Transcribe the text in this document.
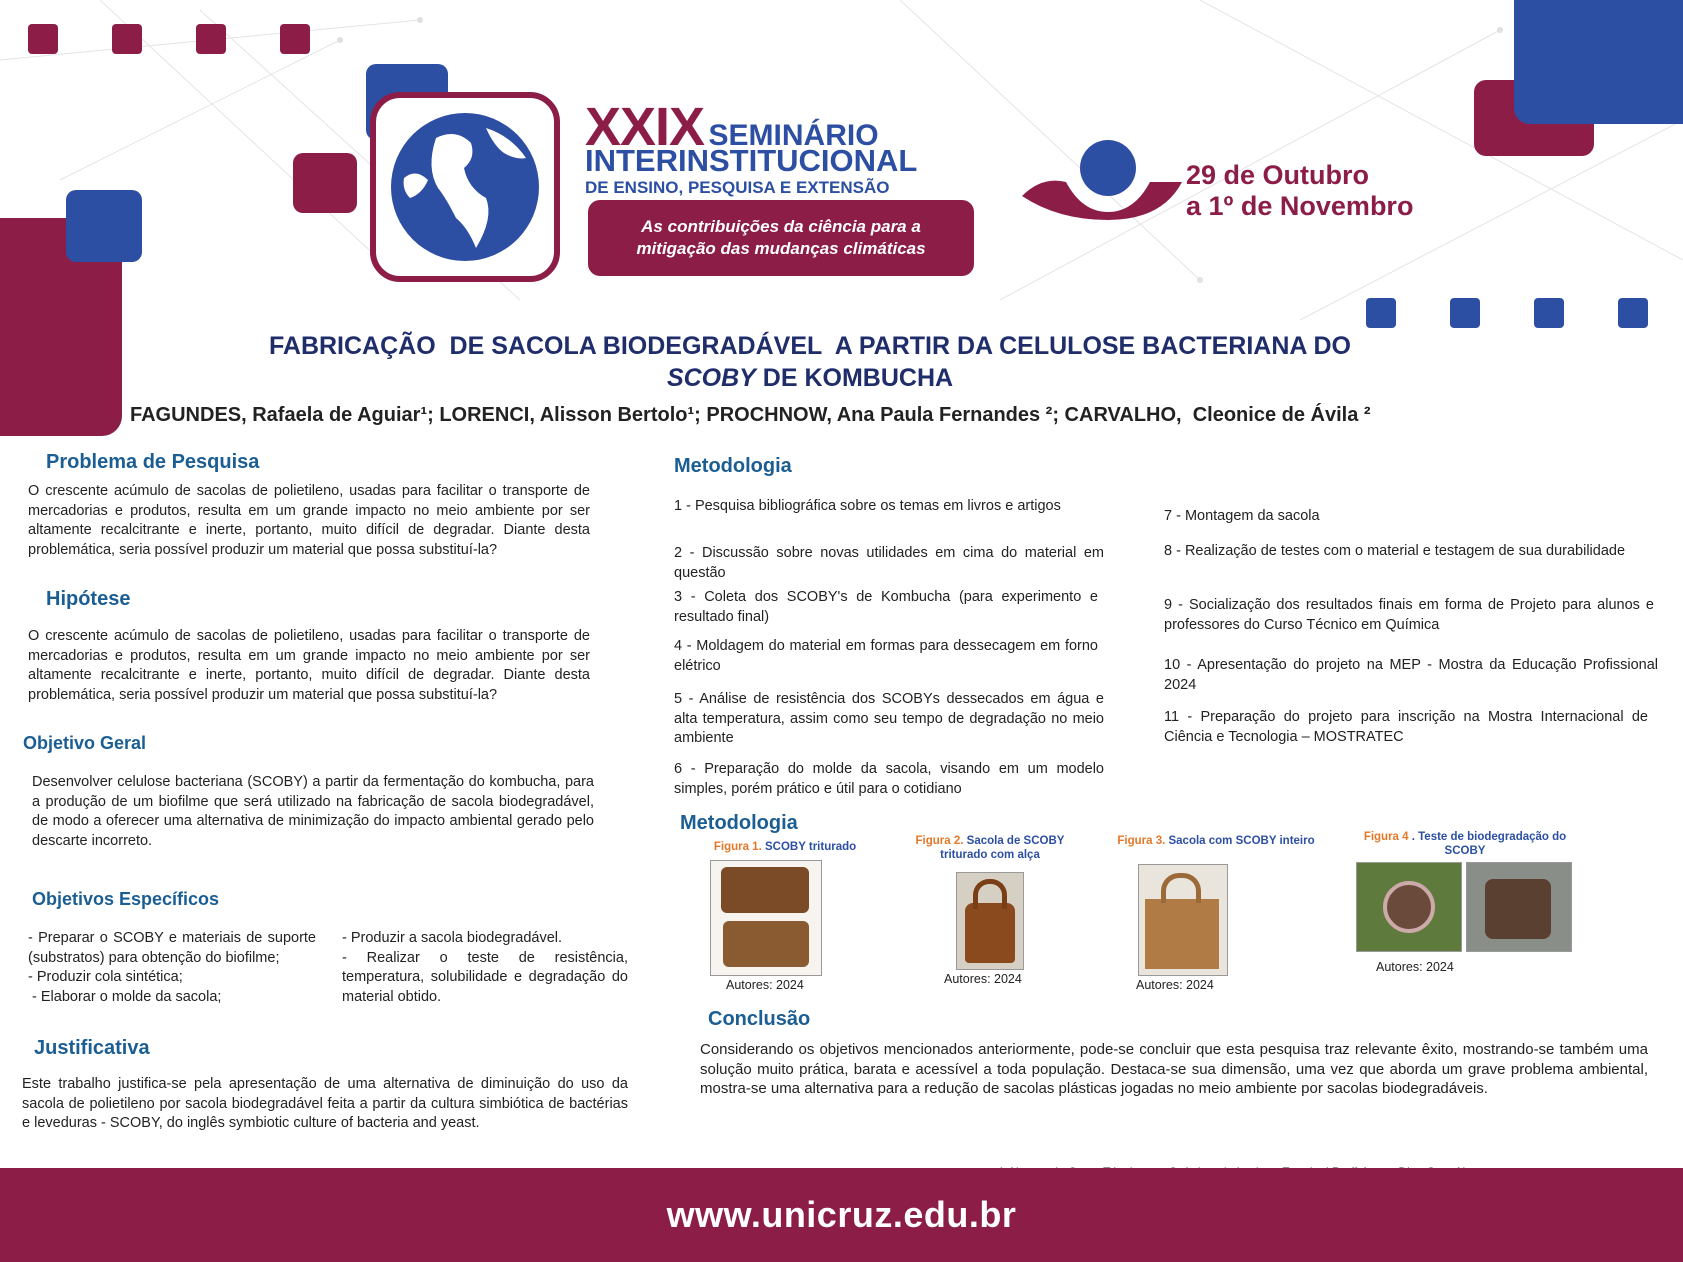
XXIX SEMINÁRIO
INTERINSTITUCIONAL
DE ENSINO, PESQUISA E EXTENSÃO
As contribuições da ciência para a mitigação das mudanças climáticas
29 de Outubro
a 1º de Novembro
FABRICAÇÃO  DE SACOLA BIODEGRADÁVEL  A PARTIR DA CELULOSE BACTERIANA DO
SCOBY DE KOMBUCHA
FAGUNDES, Rafaela de Aguiar¹; LORENCI, Alisson Bertolo¹; PROCHNOW, Ana Paula Fernandes ²; CARVALHO,  Cleonice de Ávila ²
Problema de Pesquisa
O crescente acúmulo de sacolas de polietileno, usadas para facilitar o transporte de mercadorias e produtos, resulta em um grande impacto no meio ambiente por ser altamente recalcitrante e inerte, portanto, muito difícil de degradar. Diante desta problemática, seria possível produzir um material que possa substituí-la?
Hipótese
O crescente acúmulo de sacolas de polietileno, usadas para facilitar o transporte de mercadorias e produtos, resulta em um grande impacto no meio ambiente por ser altamente recalcitrante e inerte, portanto, muito difícil de degradar. Diante desta problemática, seria possível produzir um material que possa substituí-la?
Objetivo Geral
Desenvolver celulose bacteriana (SCOBY) a partir da fermentação do kombucha, para a produção de um biofilme que será utilizado na fabricação de sacola biodegradável, de modo a oferecer uma alternativa de minimização do impacto ambiental gerado pelo descarte incorreto.
Objetivos Específicos
- Preparar o SCOBY e materiais de suporte (substratos) para obtenção do biofilme;
- Produzir cola sintética;
- Elaborar o molde da sacola;
- Produzir a sacola biodegradável.
- Realizar o teste de resistência, temperatura, solubilidade e degradação do material obtido.
Justificativa
Este trabalho justifica-se pela apresentação de uma alternativa de diminuição do uso da sacola de polietileno por sacola biodegradável feita a partir da cultura simbiótica de bactérias e leveduras - SCOBY, do inglês symbiotic culture of bacteria and yeast.
Metodologia
1 - Pesquisa bibliográfica sobre os temas em livros e artigos
2 - Discussão sobre novas utilidades em cima do material em questão
3 - Coleta dos SCOBY's de Kombucha (para experimento e resultado final)
4 - Moldagem do material em formas para dessecagem em forno elétrico
5 - Análise de resistência dos SCOBYs dessecados em água e alta temperatura, assim como seu tempo de degradação no meio ambiente
6 - Preparação do molde da sacola, visando em um modelo simples, porém prático e útil para o cotidiano
7 - Montagem da sacola
8 - Realização de testes com o material e testagem de sua durabilidade
9 - Socialização dos resultados finais em forma de Projeto para alunos e professores do Curso Técnico em Química
10 - Apresentação do projeto na MEP - Mostra da Educação Profissional 2024
11 - Preparação do projeto para inscrição na Mostra Internacional de Ciência e Tecnologia – MOSTRATEC
Metodologia
Figura 1. SCOBY triturado
Autores: 2024
Figura 2. Sacola de SCOBY triturado com alça
Autores: 2024
Figura 3. Sacola com SCOBY inteiro
Autores: 2024
Figura 4 . Teste de biodegradação do SCOBY
Autores: 2024
Conclusão
Considerando os objetivos mencionados anteriormente, pode-se concluir que esta pesquisa traz relevante êxito, mostrando-se também uma solução muito prática, barata e acessível a toda população. Destaca-se sua dimensão, uma vez que aborda um grave problema ambiental, mostra-se uma alternativa para a redução de sacolas plásticas jogadas no meio ambiente por sacolas biodegradáveis.

www.unicruz.edu.br
